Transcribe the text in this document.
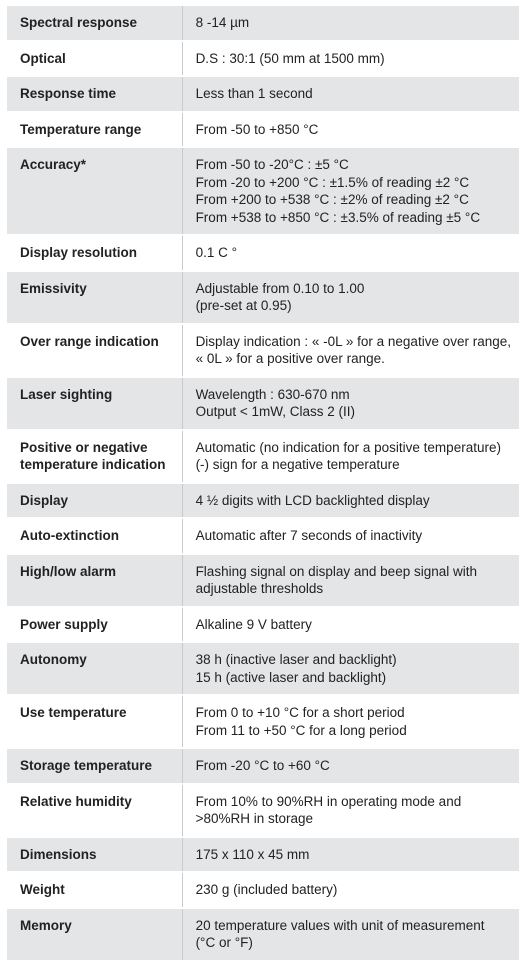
Spectral response	8 -14 µm

Optical	D.S : 30:1 (50 mm at 1500 mm)

Response time	Less than 1 second

Temperature range	From -50 to +850 °C

Accuracy*	From -50 to -20°C : ±5 °C
From -20 to +200 °C : ±1.5% of reading ±2 °C
From +200 to +538 °C : ±2% of reading ±2 °C
From +538 to +850 °C : ±3.5% of reading ±5 °C

Display resolution	0.1 C °

Emissivity	Adjustable from 0.10 to 1.00
(pre-set at 0.95)

Over range indication	Display indication : « -0L » for a negative over range,
« 0L » for a positive over range.

Laser sighting	Wavelength : 630-670 nm
Output < 1mW, Class 2 (II)

Positive or negative
temperature indication	Automatic (no indication for a positive temperature)
(-) sign for a negative temperature

Display	4 ½ digits with LCD backlighted display

Auto-extinction	Automatic after 7 seconds of inactivity

High/low alarm	Flashing signal on display and beep signal with
adjustable thresholds

Power supply	Alkaline 9 V battery

Autonomy	38 h (inactive laser and backlight)
15 h (active laser and backlight)

Use temperature	From 0 to +10 °C for a short period
From 11 to +50 °C for a long period

Storage temperature	From -20 °C to +60 °C

Relative humidity	From 10% to 90%RH in operating mode and
>80%RH in storage

Dimensions	175 x 110 x 45 mm

Weight	230 g (included battery)

Memory	20 temperature values with unit of measurement
(°C or °F)
